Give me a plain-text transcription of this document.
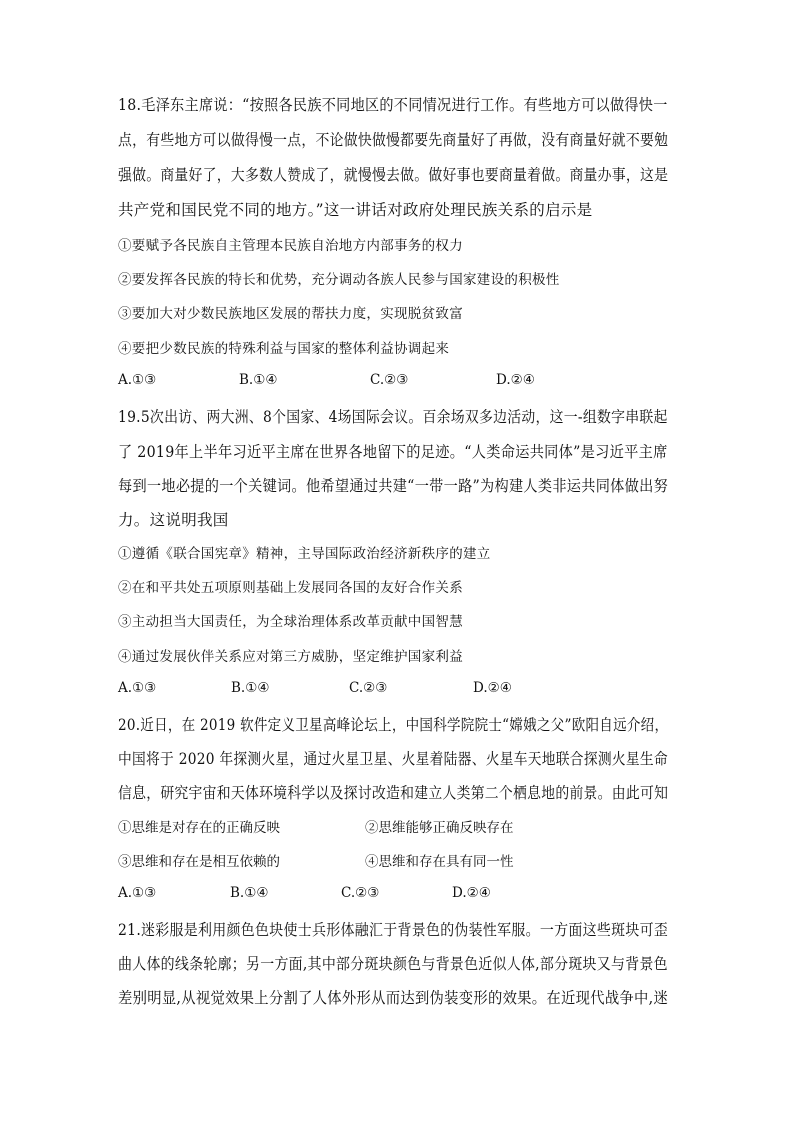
18.毛泽东主席说：“按照各民族不同地区的不同情况进行工作。有些地方可以做得快一
点，有些地方可以做得慢一点，不论做快做慢都要先商量好了再做，没有商量好就不要勉
强做。商量好了，大多数人赞成了，就慢慢去做。做好事也要商量着做。商量办事，这是
共产党和国民党不同的地方。”这一讲话对政府处理民族关系的启示是
①要赋予各民族自主管理本民族自治地方内部事务的权力
②要发挥各民族的特长和优势，充分调动各族人民参与国家建设的积极性
③要加大对少数民族地区发展的帮扶力度，实现脱贫致富
④要把少数民族的特殊利益与国家的整体利益协调起来
A.①③	B.①④	C.②③	D.②④
19.5次出访、两大洲、8个国家、4场国际会议。百余场双多边活动，这一-组数字串联起
了 2019年上半年习近平主席在世界各地留下的足迹。“人类命运共同体”是习近平主席
每到一地必提的一个关键词。他希望通过共建“一带一路”为构建人类非运共同体做出努
力。这说明我国
①遵循《联合国宪章》精神，主导国际政治经济新秩序的建立
②在和平共处五项原则基础上发展同各国的友好合作关系
③主动担当大国责任，为全球治理体系改革贡献中国智慧
④通过发展伙伴关系应对第三方威胁，坚定维护国家利益
A.①③	B.①④	C.②③	D.②④
20.近日，在 2019 软件定义卫星高峰论坛上，中国科学院院士“嫦娥之父”欧阳自远介绍，
中国将于 2020 年探测火星，通过火星卫星、火星着陆器、火星车天地联合探测火星生命
信息，研究宇宙和天体环境科学以及探讨改造和建立人类第二个栖息地的前景。由此可知
①思维是对存在的正确反映	②思维能够正确反映存在
③思维和存在是相互依赖的	④思维和存在具有同一性
A.①③	B.①④	C.②③	D.②④
21.迷彩服是利用颜色色块使士兵形体融汇于背景色的伪装性军服。一方面这些斑块可歪
曲人体的线条轮廓；另一方面,其中部分斑块颜色与背景色近似人体,部分斑块又与背景色
差别明显,从视觉效果上分割了人体外形从而达到伪装变形的效果。在近现代战争中,迷
